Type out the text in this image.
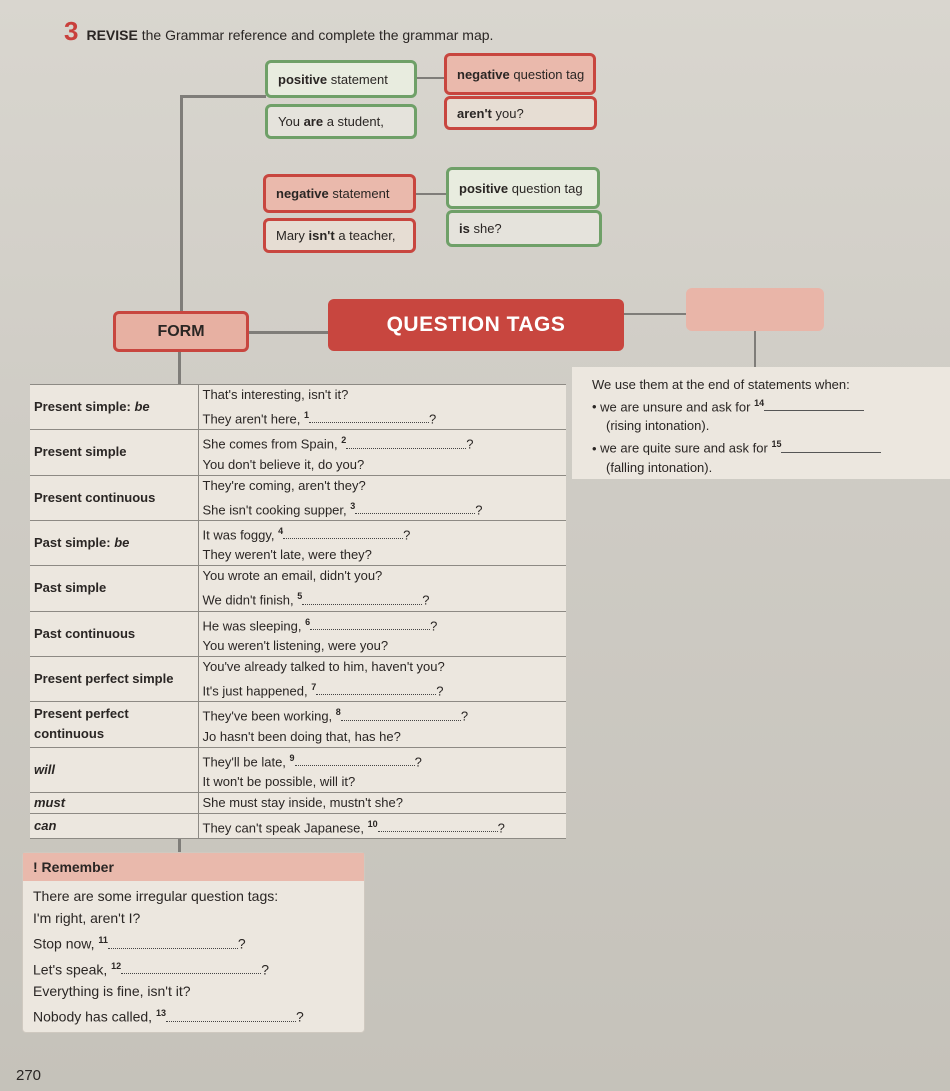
3 REVISE the Grammar reference and complete the grammar map.
positive statement	negative question tag
You are a student,
aren't you?
negative statement	positive question tag
Mary isn't a teacher,	is she?
FORM	QUESTION TAGS
We use them at the end of statements when:
• we are unsure and ask for $^{14}$
(rising intonation).
• we are quite sure and ask for $^{15}$
(falling intonation).
Present simple: be	That's interesting, isn't it?
They aren't here, $^1$ ?

Present simple	She comes from Spain, $^2$ ?
You don't believe it, do you?

Present continuous	They're coming, aren't they?
She isn't cooking supper, $^3$ ?

Past simple: be	It was foggy, $^4$ ?
They weren't late, were they?

Past simple	You wrote an email, didn't you?
We didn't finish, $^5$ ?

Past continuous	He was sleeping, $^6$ ?
You weren't listening, were you?

Present perfect simple	You've already talked to him, haven't you?
It's just happened, $^7$ ?

Present perfect continuous	They've been working, $^8$ ?
Jo hasn't been doing that, has he?

will	They'll be late, $^9$ ?
It won't be possible, will it?

must	She must stay inside, mustn't she?

can	They can't speak Japanese, $^{10}$ ?
! Remember
There are some irregular question tags:
I'm right, aren't I?
Stop now, $^{11}$	?
Let's speak, $^{12}$	?
Everything is fine, isn't it?
Nobody has called, $^{13}$	?
270
